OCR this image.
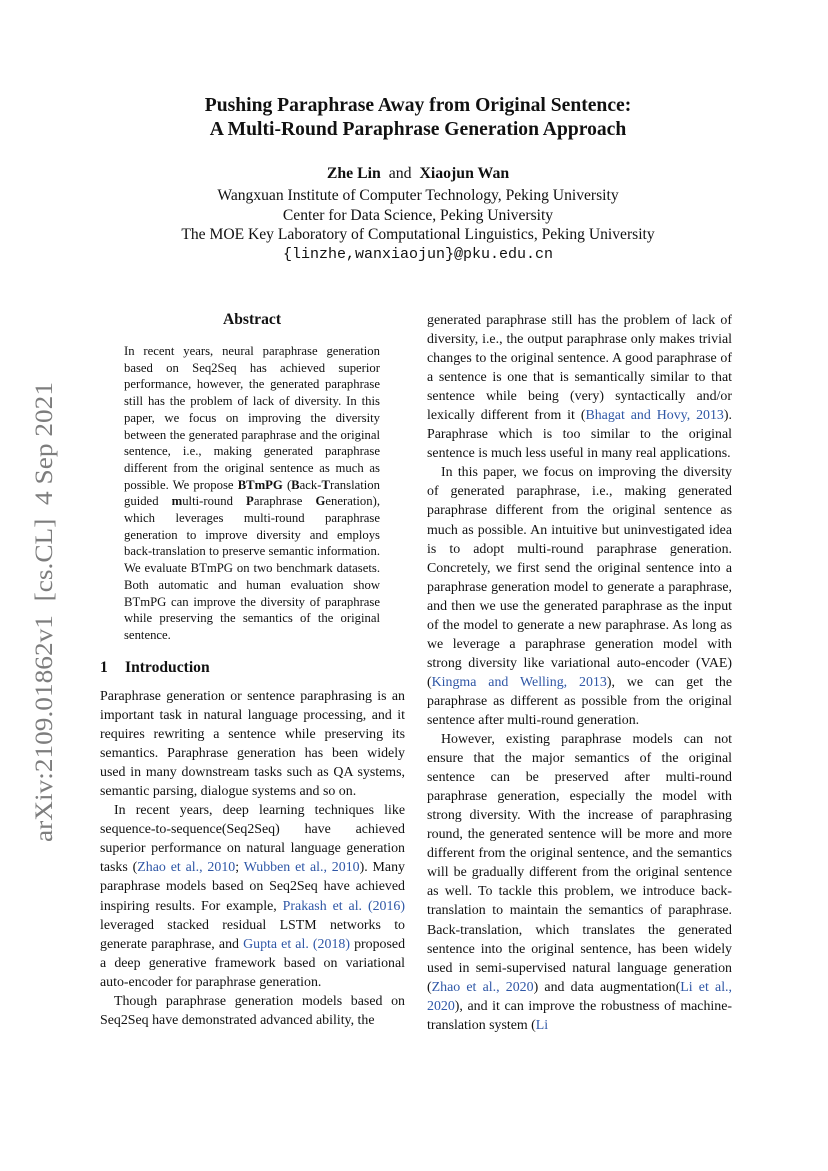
arXiv:2109.01862v1  [cs.CL]  4 Sep 2021
Pushing Paraphrase Away from Original Sentence:
A Multi-Round Paraphrase Generation Approach
Zhe Lin and Xiaojun Wan
Wangxuan Institute of Computer Technology, Peking University
Center for Data Science, Peking University
The MOE Key Laboratory of Computational Linguistics, Peking University
{linzhe,wanxiaojun}@pku.edu.cn
Abstract
In recent years, neural paraphrase generation based on Seq2Seq has achieved superior performance, however, the generated paraphrase still has the problem of lack of diversity. In this paper, we focus on improving the diversity between the generated paraphrase and the original sentence, i.e., making generated paraphrase different from the original sentence as much as possible. We propose BTmPG (Back-Translation guided multi-round Paraphrase Generation), which leverages multi-round paraphrase generation to improve diversity and employs back-translation to preserve semantic information. We evaluate BTmPG on two benchmark datasets. Both automatic and human evaluation show BTmPG can improve the diversity of paraphrase while preserving the semantics of the original sentence.
1 Introduction

Paraphrase generation or sentence paraphrasing is an important task in natural language processing, and it requires rewriting a sentence while preserving its semantics. Paraphrase generation has been widely used in many downstream tasks such as QA systems, semantic parsing, dialogue systems and so on.

In recent years, deep learning techniques like sequence-to-sequence(Seq2Seq) have achieved superior performance on natural language generation tasks (Zhao et al., 2010; Wubben et al., 2010). Many paraphrase models based on Seq2Seq have achieved inspiring results. For example, Prakash et al. (2016) leveraged stacked residual LSTM networks to generate paraphrase, and Gupta et al. (2018) proposed a deep generative framework based on variational auto-encoder for paraphrase generation.

Though paraphrase generation models based on Seq2Seq have demonstrated advanced ability, the

generated paraphrase still has the problem of lack of diversity, i.e., the output paraphrase only makes trivial changes to the original sentence. A good paraphrase of a sentence is one that is semantically similar to that sentence while being (very) syntactically and/or lexically different from it (Bhagat and Hovy, 2013). Paraphrase which is too similar to the original sentence is much less useful in many real applications.

In this paper, we focus on improving the diversity of generated paraphrase, i.e., making generated paraphrase different from the original sentence as much as possible. An intuitive but uninvestigated idea is to adopt multi-round paraphrase generation. Concretely, we first send the original sentence into a paraphrase generation model to generate a paraphrase, and then we use the generated paraphrase as the input of the model to generate a new paraphrase. As long as we leverage a paraphrase generation model with strong diversity like variational auto-encoder (VAE)(Kingma and Welling, 2013), we can get the paraphrase as different as possible from the original sentence after multi-round generation.

However, existing paraphrase models can not ensure that the major semantics of the original sentence can be preserved after multi-round paraphrase generation, especially the model with strong diversity. With the increase of paraphrasing round, the generated sentence will be more and more different from the original sentence, and the semantics will be gradually different from the original sentence as well. To tackle this problem, we introduce back-translation to maintain the semantics of paraphrase. Back-translation, which translates the generated sentence into the original sentence, has been widely used in semi-supervised natural language generation (Zhao et al., 2020) and data augmentation(Li et al., 2020), and it can improve the robustness of machine-translation system (Li
